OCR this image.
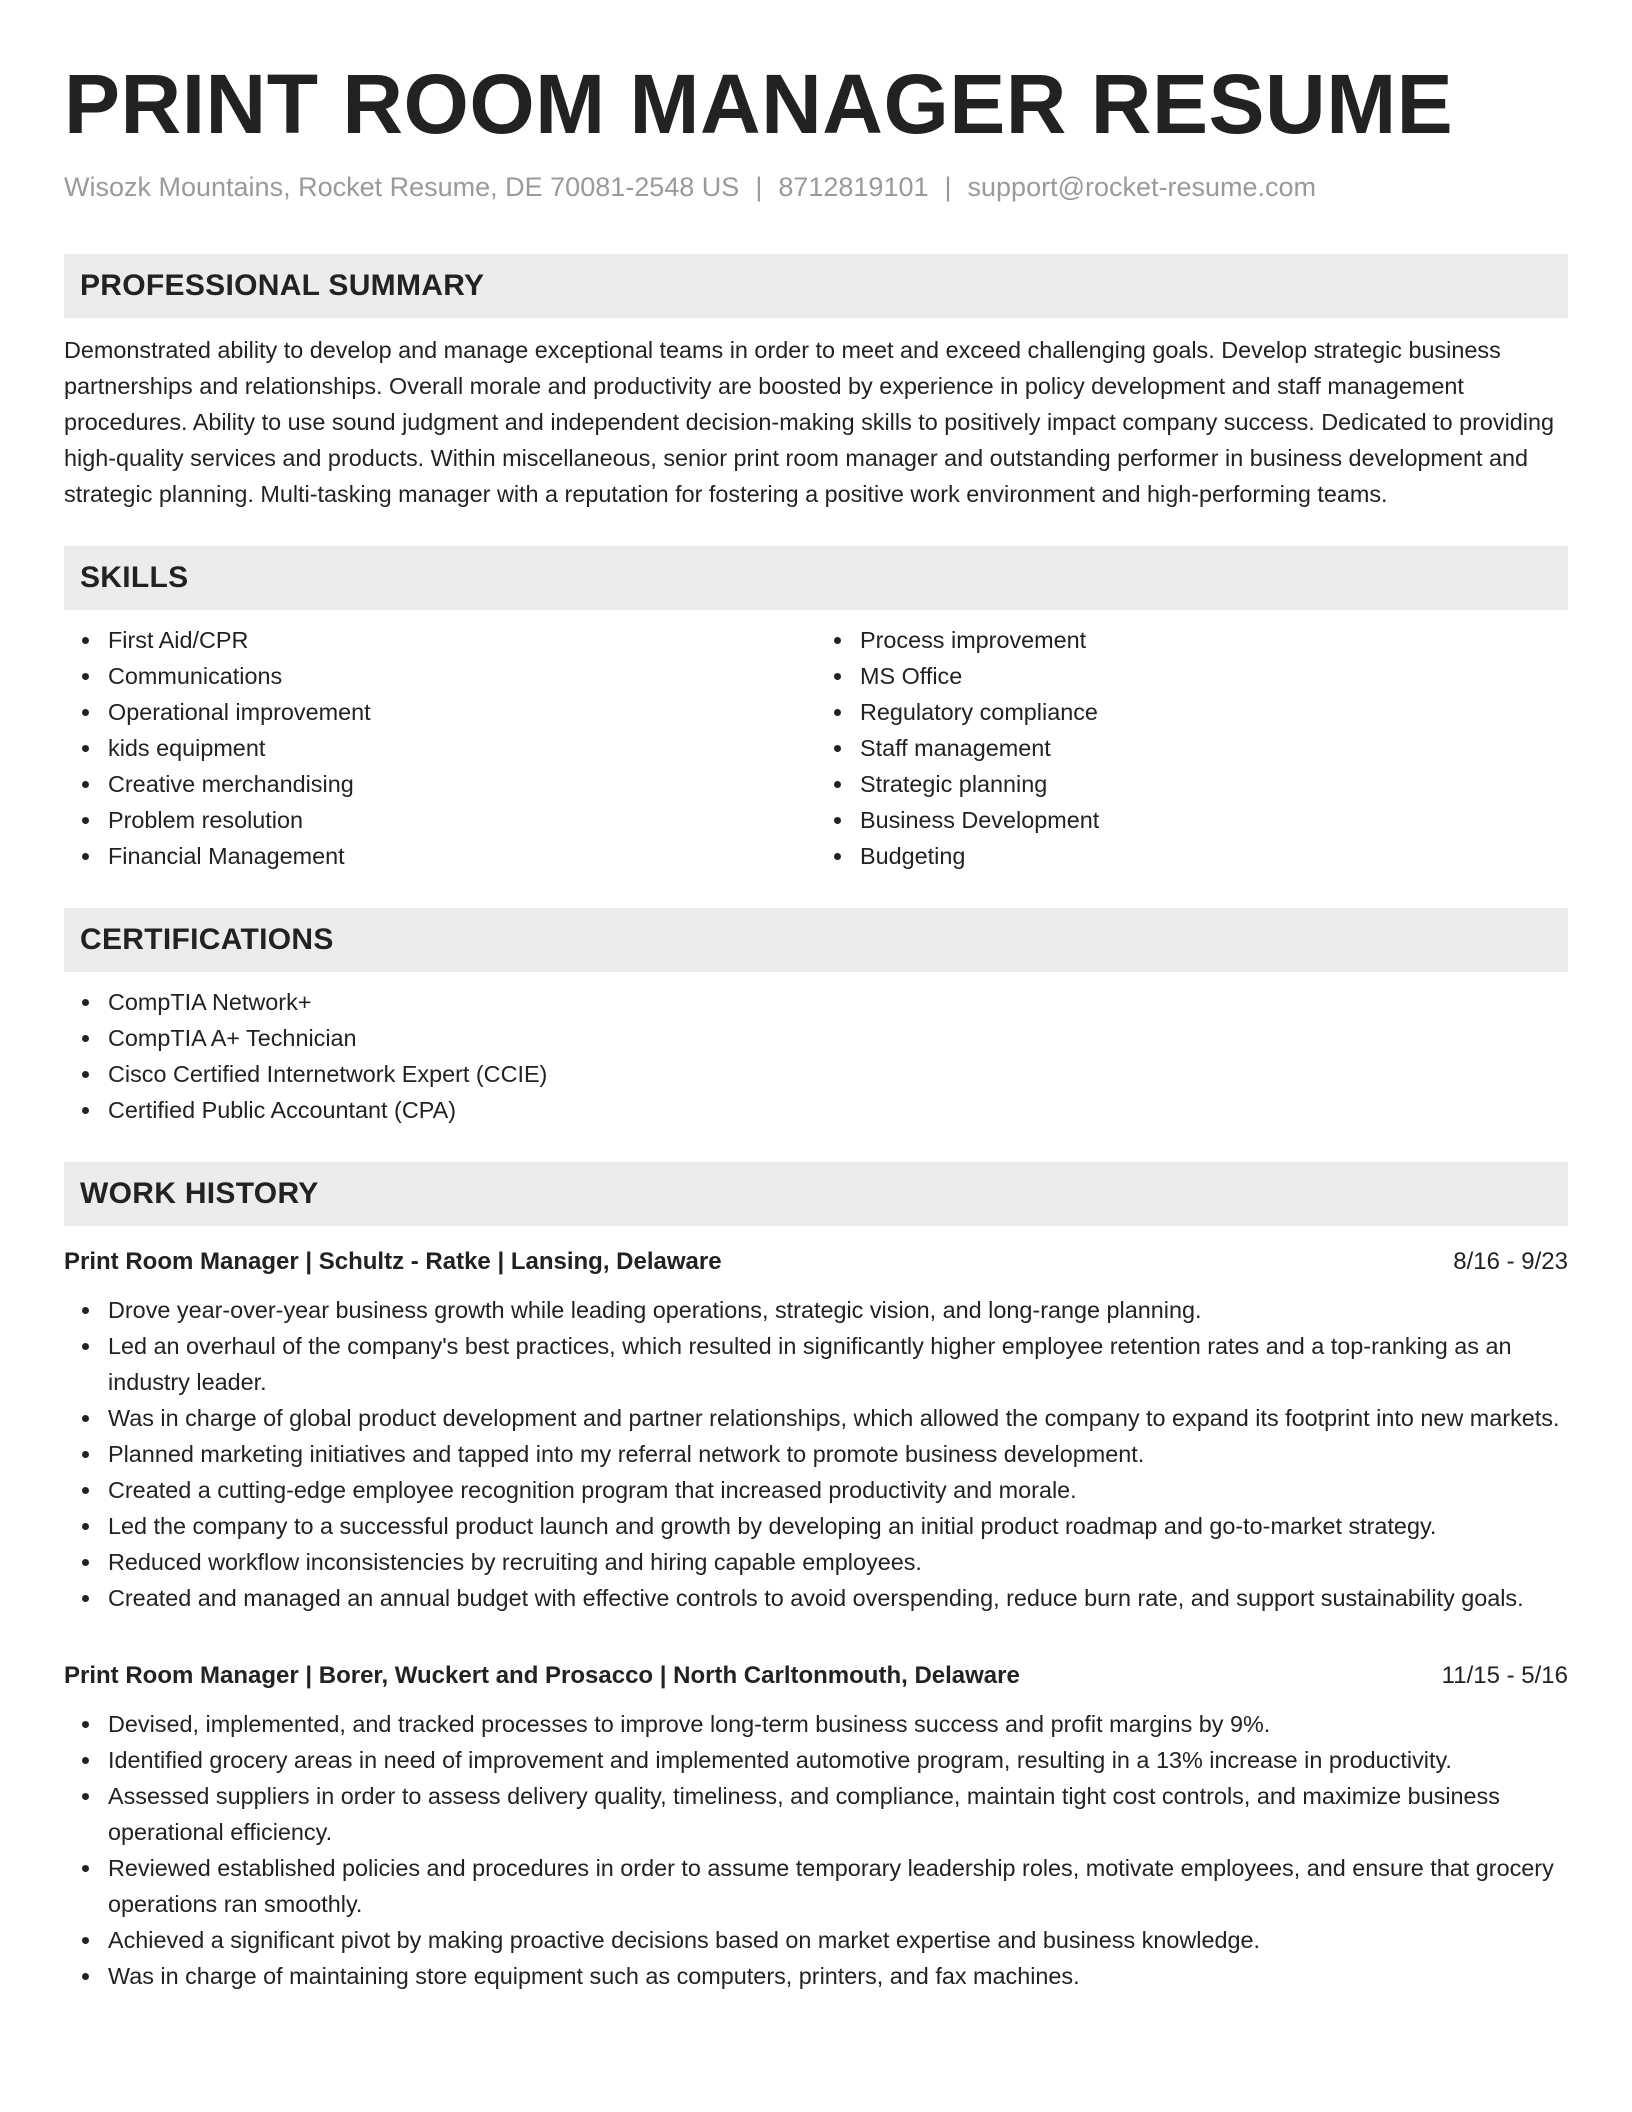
PRINT ROOM MANAGER RESUME
Wisozk Mountains, Rocket Resume, DE 70081-2548 US | 8712819101 | support@rocket-resume.com
PROFESSIONAL SUMMARY

Demonstrated ability to develop and manage exceptional teams in order to meet and exceed challenging goals. Develop strategic business partnerships and relationships. Overall morale and productivity are boosted by experience in policy development and staff management procedures. Ability to use sound judgment and independent decision-making skills to positively impact company success. Dedicated to providing high-quality services and products. Within miscellaneous, senior print room manager and outstanding performer in business development and strategic planning. Multi-tasking manager with a reputation for fostering a positive work environment and high-performing teams.

SKILLS
First Aid/CPR
Communications
Operational improvement
kids equipment
Creative merchandising
Problem resolution
Financial Management
Process improvement
MS Office
Regulatory compliance
Staff management
Strategic planning
Business Development
Budgeting
CERTIFICATIONS
CompTIA Network+
CompTIA A+ Technician
Cisco Certified Internetwork Expert (CCIE)
Certified Public Accountant (CPA)
WORK HISTORY
Print Room Manager | Schultz - Ratke | Lansing, Delaware	8/16 - 9/23
Drove year-over-year business growth while leading operations, strategic vision, and long-range planning.
Led an overhaul of the company's best practices, which resulted in significantly higher employee retention rates and a top-ranking as an industry leader.
Was in charge of global product development and partner relationships, which allowed the company to expand its footprint into new markets.
Planned marketing initiatives and tapped into my referral network to promote business development.
Created a cutting-edge employee recognition program that increased productivity and morale.
Led the company to a successful product launch and growth by developing an initial product roadmap and go-to-market strategy.
Reduced workflow inconsistencies by recruiting and hiring capable employees.
Created and managed an annual budget with effective controls to avoid overspending, reduce burn rate, and support sustainability goals.
Print Room Manager | Borer, Wuckert and Prosacco | North Carltonmouth, Delaware	11/15 - 5/16
Devised, implemented, and tracked processes to improve long-term business success and profit margins by 9%.
Identified grocery areas in need of improvement and implemented automotive program, resulting in a 13% increase in productivity.
Assessed suppliers in order to assess delivery quality, timeliness, and compliance, maintain tight cost controls, and maximize business operational efficiency.
Reviewed established policies and procedures in order to assume temporary leadership roles, motivate employees, and ensure that grocery operations ran smoothly.
Achieved a significant pivot by making proactive decisions based on market expertise and business knowledge.
Was in charge of maintaining store equipment such as computers, printers, and fax machines.
